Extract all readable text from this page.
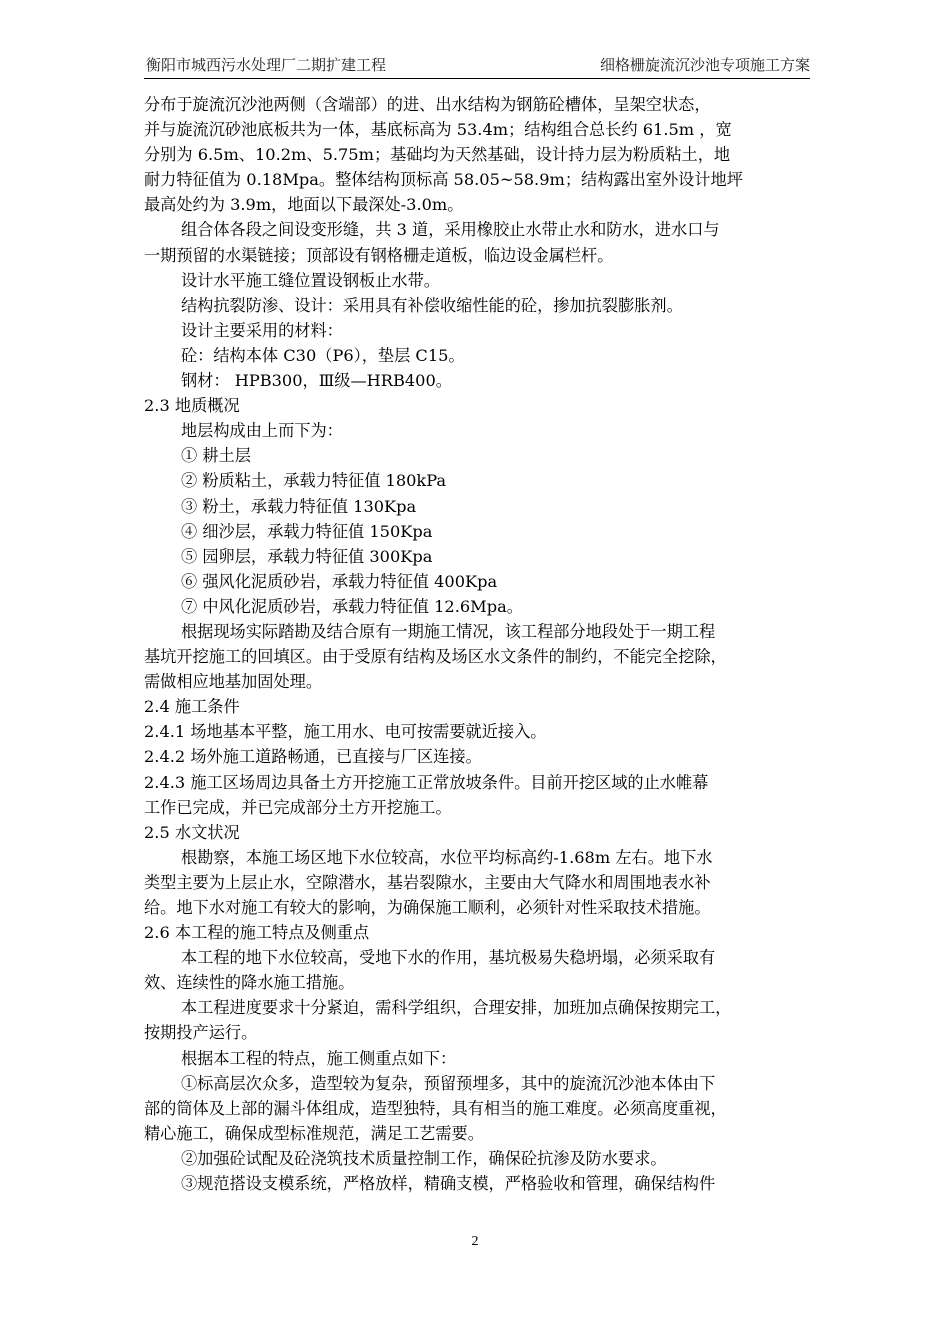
衡阳市城西污水处理厂二期扩建工程	细格栅旋流沉沙池专项施工方案
分布于旋流沉沙池两侧（含端部）的进、出水结构为钢筋砼槽体，呈架空状态，
并与旋流沉砂池底板共为一体，基底标高为 53.4m；结构组合总长约 61.5m ，宽
分别为 6.5m、10.2m、5.75m；基础均为天然基础，设计持力层为粉质粘土，地
耐力特征值为 0.18Mpa。整体结构顶标高 58.05~58.9m；结构露出室外设计地坪
最高处约为 3.9m，地面以下最深处-3.0m。
组合体各段之间设变形缝，共 3 道，采用橡胶止水带止水和防水，进水口与
一期预留的水渠链接；顶部设有钢格栅走道板，临边设金属栏杆。
设计水平施工缝位置设钢板止水带。
结构抗裂防渗、设计：采用具有补偿收缩性能的砼，掺加抗裂膨胀剂。
设计主要采用的材料：
砼：结构本体 C30（P6），垫层 C15。
钢材： HPB300，Ⅲ级—HRB400。
2.3 地质概况
地层构成由上而下为：
① 耕土层
② 粉质粘土，承载力特征值 180kPa
③ 粉土，承载力特征值 130Kpa
④ 细沙层，承载力特征值 150Kpa
⑤ 园卵层，承载力特征值 300Kpa
⑥ 强风化泥质砂岩，承载力特征值 400Kpa
⑦ 中风化泥质砂岩，承载力特征值 12.6Mpa。
根据现场实际踏勘及结合原有一期施工情况，该工程部分地段处于一期工程
基坑开挖施工的回填区。由于受原有结构及场区水文条件的制约，不能完全挖除，
需做相应地基加固处理。
2.4 施工条件
2.4.1 场地基本平整，施工用水、电可按需要就近接入。
2.4.2 场外施工道路畅通，已直接与厂区连接。
2.4.3 施工区场周边具备土方开挖施工正常放坡条件。目前开挖区域的止水帷幕
工作已完成，并已完成部分土方开挖施工。
2.5 水文状况
根勘察，本施工场区地下水位较高，水位平均标高约-1.68m 左右。地下水
类型主要为上层止水，空隙潜水，基岩裂隙水，主要由大气降水和周围地表水补
给。地下水对施工有较大的影响，为确保施工顺利，必须针对性采取技术措施。
2.6 本工程的施工特点及侧重点
本工程的地下水位较高，受地下水的作用，基坑极易失稳坍塌，必须采取有
效、连续性的降水施工措施。
本工程进度要求十分紧迫，需科学组织，合理安排，加班加点确保按期完工，
按期投产运行。
根据本工程的特点，施工侧重点如下：
①标高层次众多，造型较为复杂，预留预埋多，其中的旋流沉沙池本体由下
部的筒体及上部的漏斗体组成，造型独特，具有相当的施工难度。必须高度重视，
精心施工，确保成型标准规范，满足工艺需要。
②加强砼试配及砼浇筑技术质量控制工作，确保砼抗渗及防水要求。
③规范搭设支模系统，严格放样，精确支模，严格验收和管理，确保结构件
2
